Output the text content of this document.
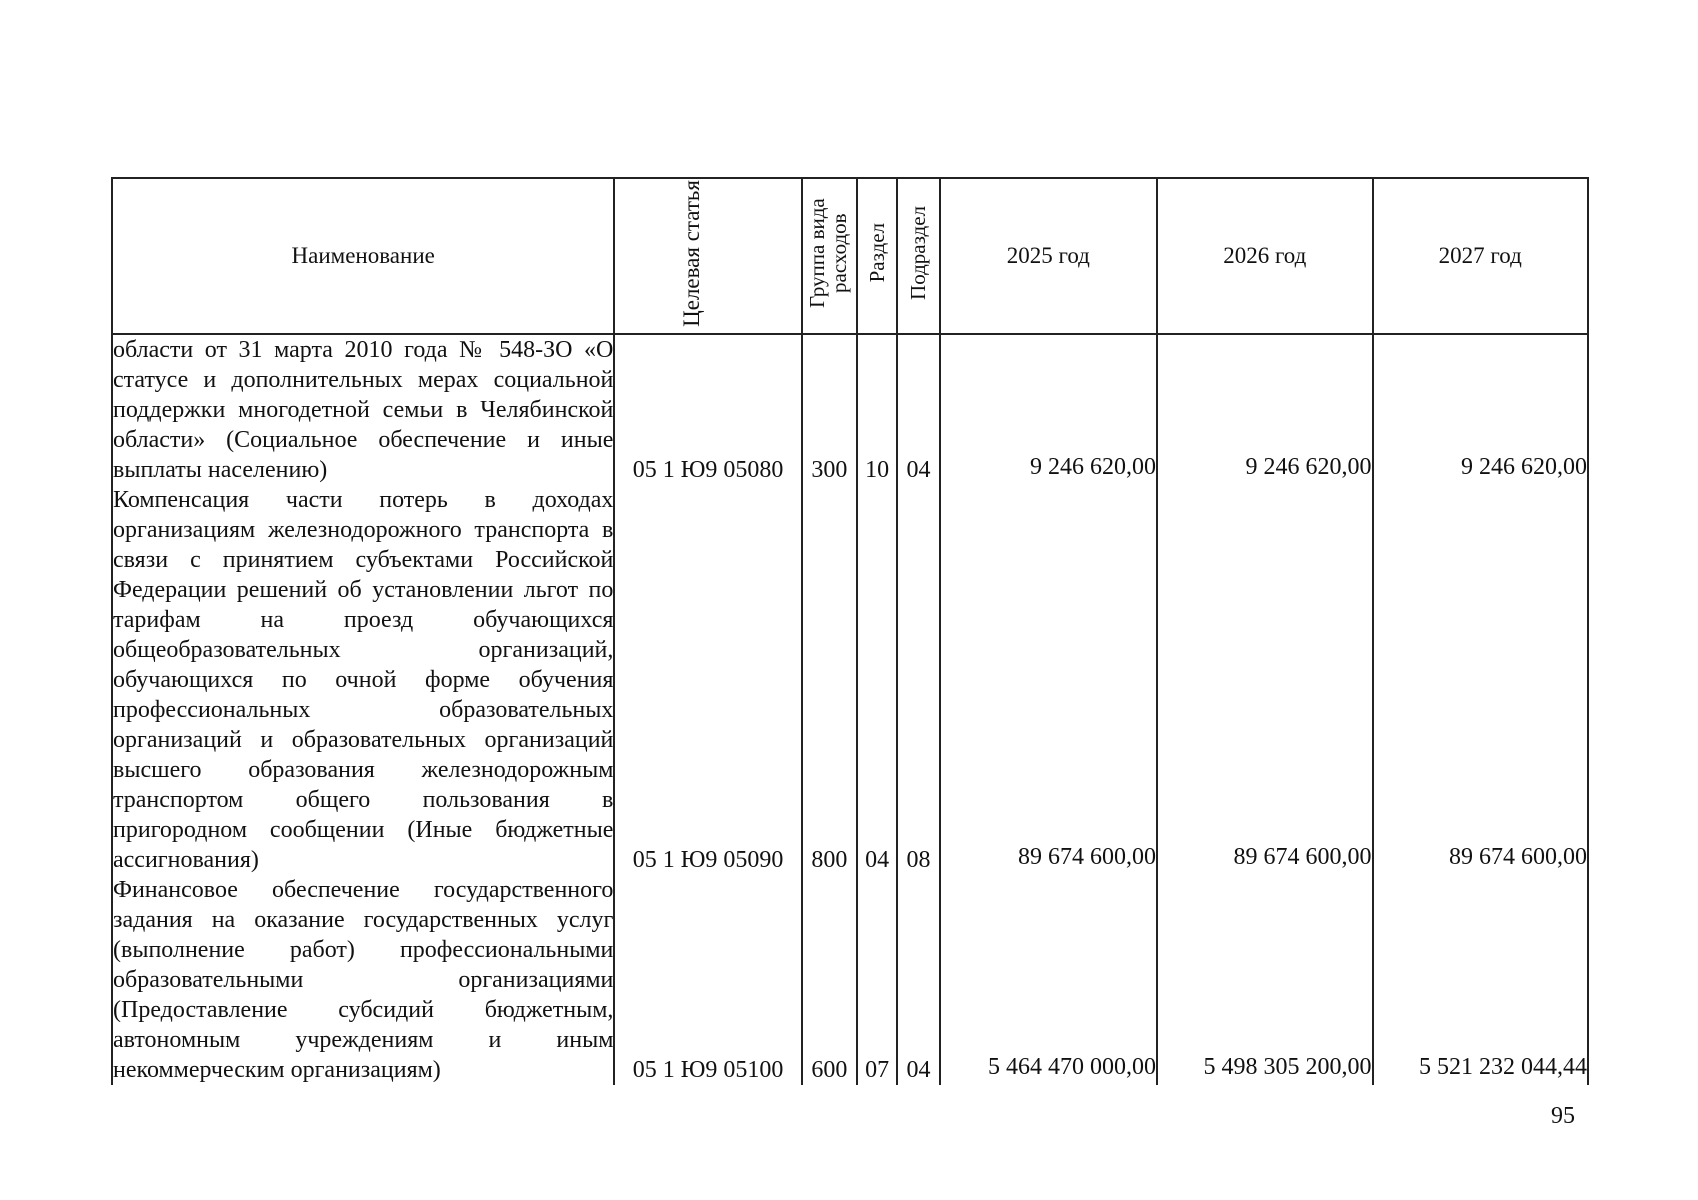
Наименование	Целевая статья	Группа вида расходов	Раздел	Подраздел	2025 год	2026 год	2027 год
области от 31 марта 2010 года № 548-ЗО «О статусе и дополнительных мерах социальной поддержки многодетной семьи в Челябинской области» (Социальное обеспечение и иные выплаты населению)	05 1 Ю9 05080	300	10	04	9 246 620,00	9 246 620,00	9 246 620,00
Компенсация части потерь в доходах организациям железнодорожного транспорта в связи с принятием субъектами Российской Федерации решений об установлении льгот по тарифам на проезд обучающихся общеобразовательных организаций, обучающихся по очной форме обучения профессиональных образовательных организаций и образовательных организаций высшего образования железнодорожным транспортом общего пользования в пригородном сообщении (Иные бюджетные ассигнования)	05 1 Ю9 05090	800	04	08	89 674 600,00	89 674 600,00	89 674 600,00
Финансовое обеспечение государственного задания на оказание государственных услуг (выполнение работ) профессиональными образовательными организациями (Предоставление субсидий бюджетным, автономным учреждениям и иным некоммерческим организациям)	05 1 Ю9 05100	600	07	04	5 464 470 000,00	5 498 305 200,00	5 521 232 044,44
95
